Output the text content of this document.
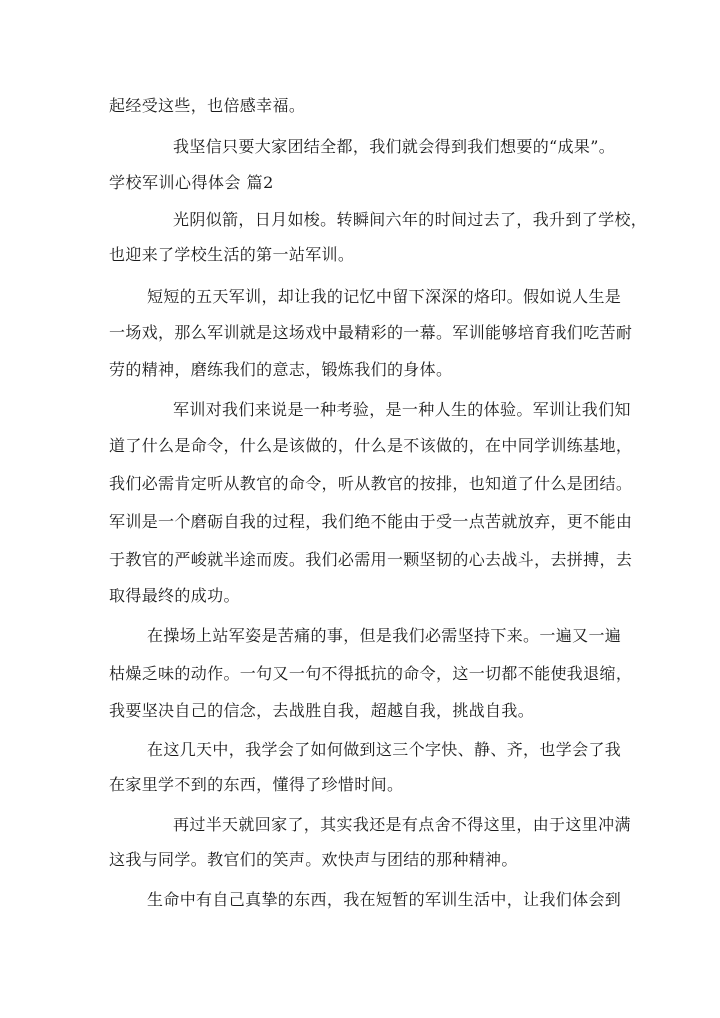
起经受这些，也倍感幸福。
我坚信只要大家团结全都，我们就会得到我们想要的“成果”。
学校军训心得体会 篇2
光阴似箭，日月如梭。转瞬间六年的时间过去了，我升到了学校，
也迎来了学校生活的第一站军训。
短短的五天军训，却让我的记忆中留下深深的烙印。假如说人生是
一场戏，那么军训就是这场戏中最精彩的一幕。军训能够培育我们吃苦耐
劳的精神，磨练我们的意志，锻炼我们的身体。
军训对我们来说是一种考验，是一种人生的体验。军训让我们知
道了什么是命令，什么是该做的，什么是不该做的，在中同学训练基地，
我们必需肯定听从教官的命令，听从教官的按排，也知道了什么是团结。
军训是一个磨砺自我的过程，我们绝不能由于受一点苦就放弃，更不能由
于教官的严峻就半途而废。我们必需用一颗坚韧的心去战斗，去拼搏，去
取得最终的成功。
在操场上站军姿是苦痛的事，但是我们必需坚持下来。一遍又一遍
枯燥乏味的动作。一句又一句不得抵抗的命令，这一切都不能使我退缩，
我要坚决自己的信念，去战胜自我，超越自我，挑战自我。
在这几天中，我学会了如何做到这三个字快、静、齐，也学会了我
在家里学不到的东西，懂得了珍惜时间。
再过半天就回家了，其实我还是有点舍不得这里，由于这里冲满
这我与同学。教官们的笑声。欢快声与团结的那种精神。
生命中有自己真挚的东西，我在短暂的军训生活中，让我们体会到
